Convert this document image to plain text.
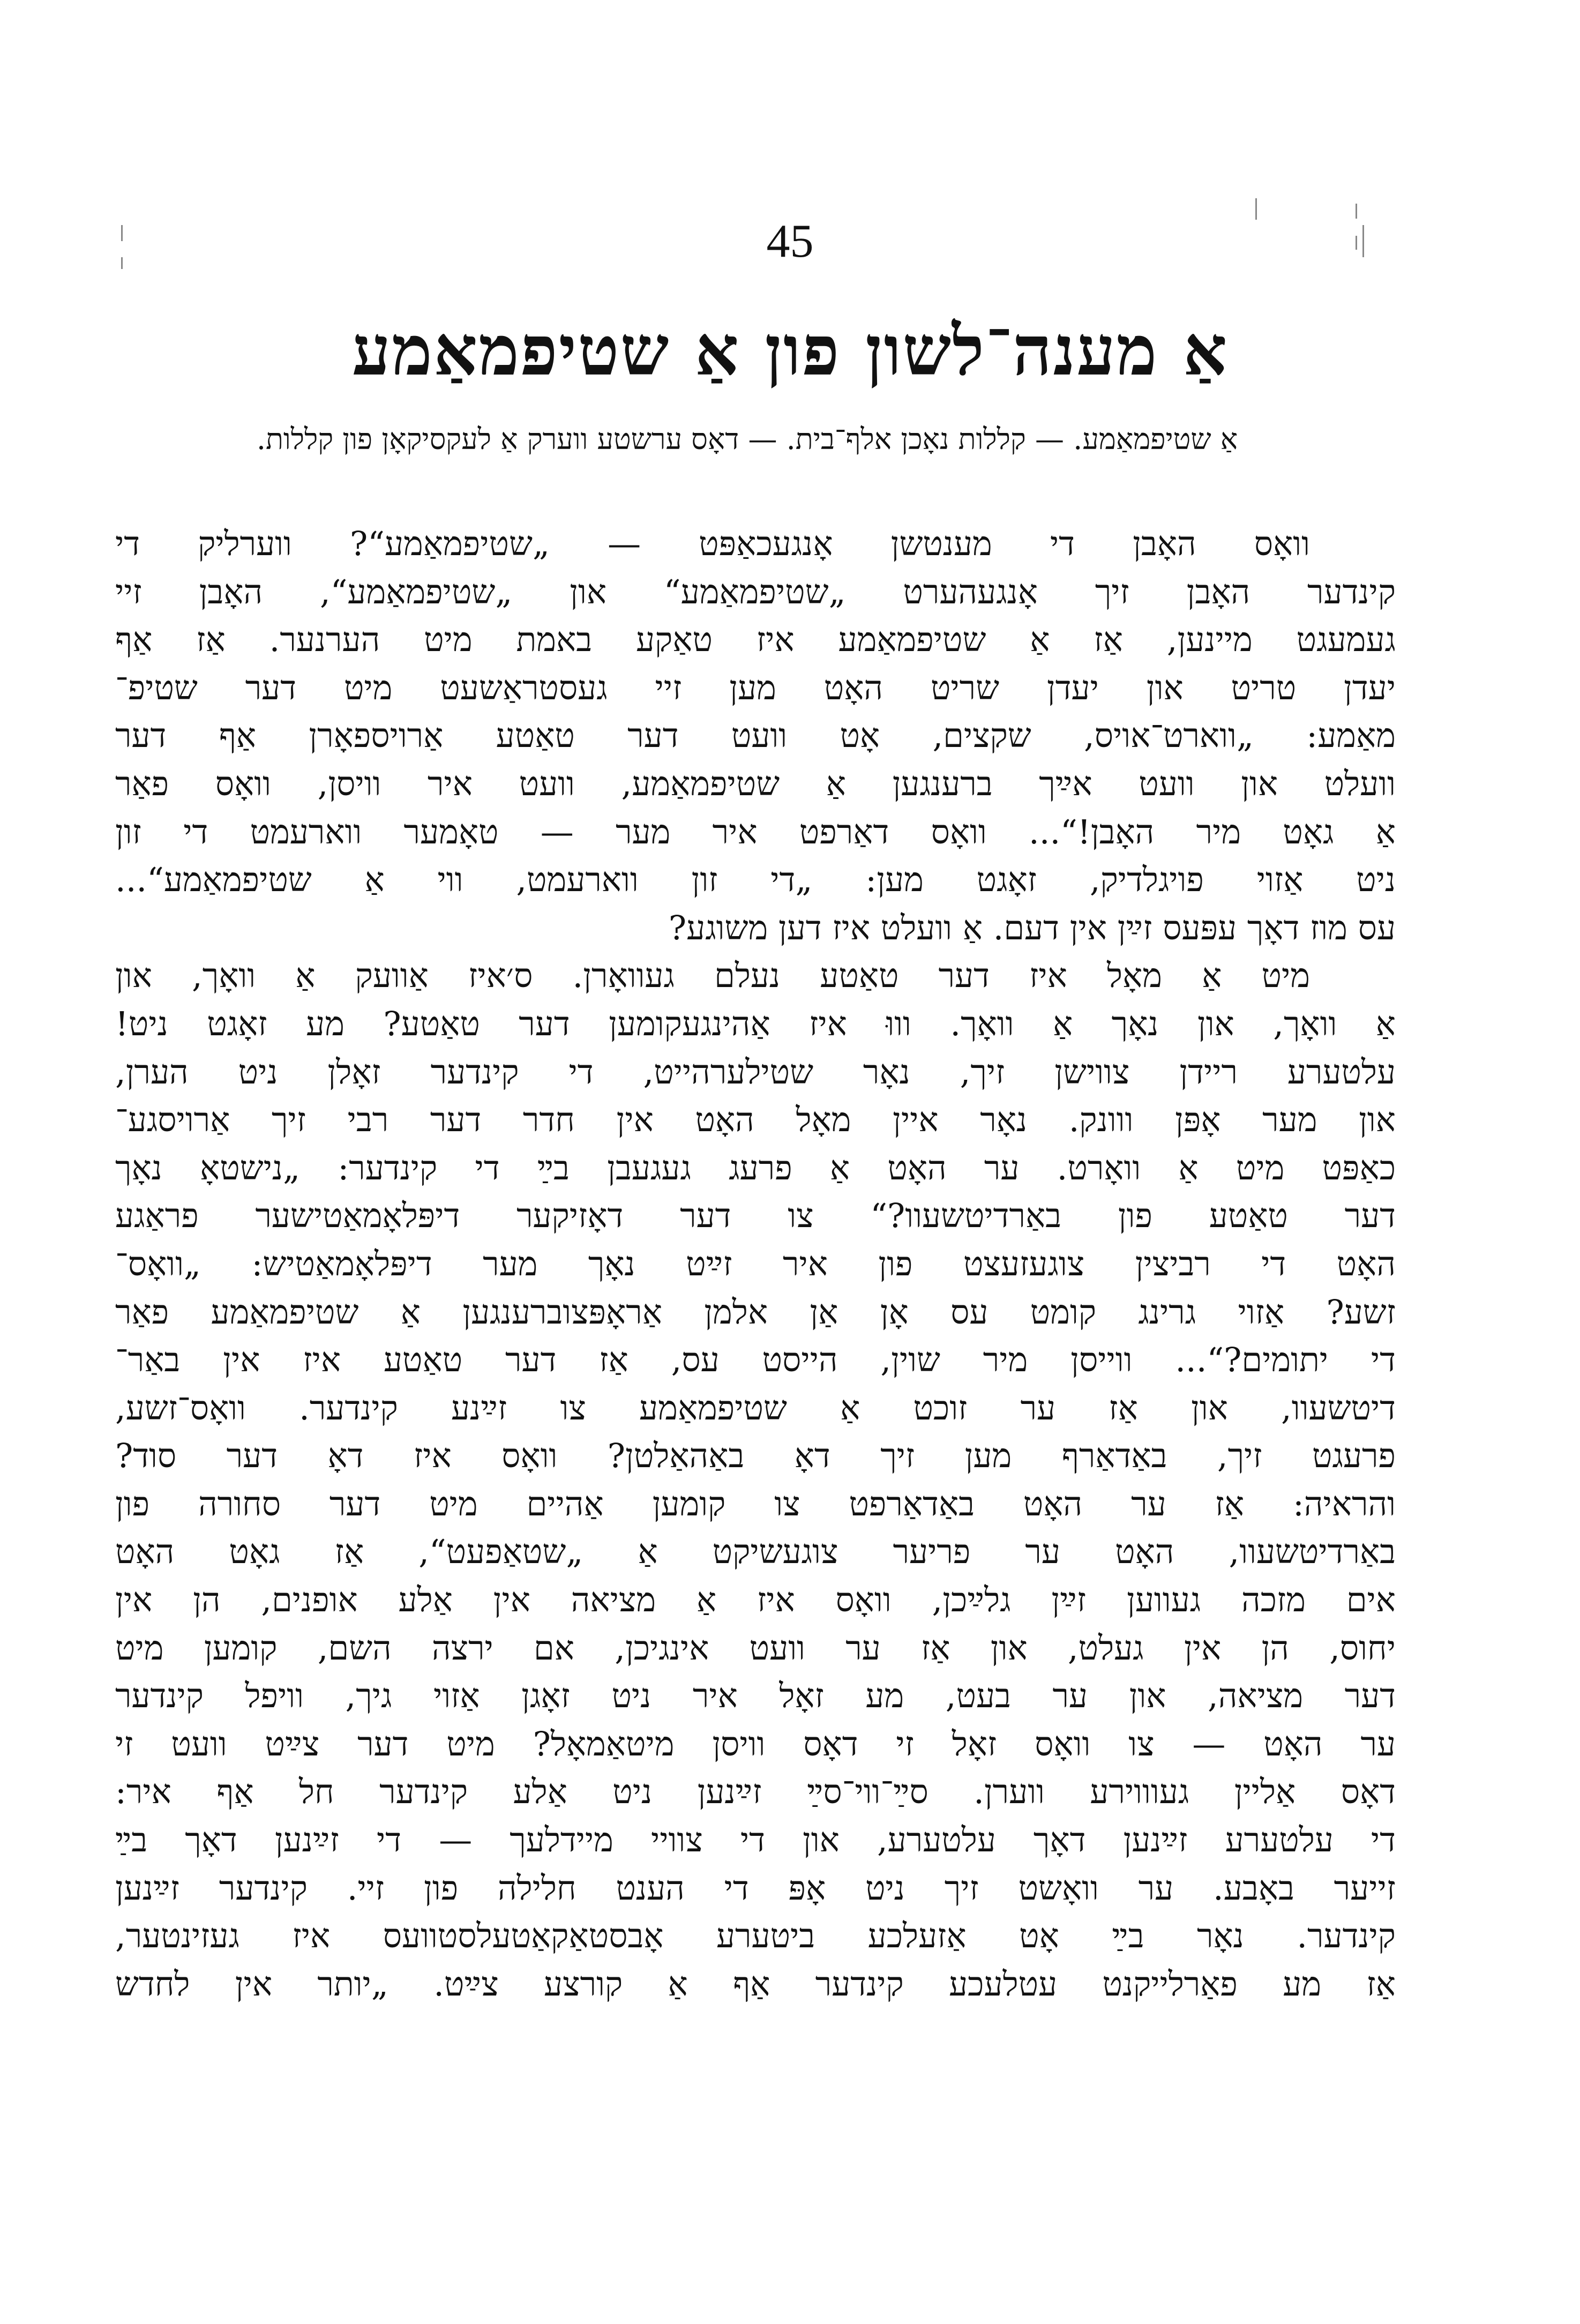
45
אַ מענה־לשון פון אַ שטיפמאַמע
אַ שטיפמאַמע. — קללות נאָכן אלף־בית. — דאָס ערשטע ווערק אַ לעקסיקאָן פון קללות.
וואָס האָבן די מענטשן אָנגעכאַפּט — „שטיפמאַמע“? ווערליק די
קינדער האָבן זיך אָנגעהערט „שטיפמאַמע“ און „שטיפמאַמע“, האָבן זיי
געמעגט מיינען, אַז אַ שטיפמאַמע איז טאַקע באמת מיט הערנער. אַז אַף
יעדן טריט און יעדן שריט האָט מען זיי געסטראַשעט מיט דער שטיפ־
מאַמע: „ווארט־אויס, שקצים, אָט וועט דער טאַטע אַרויספאָרן אַף דער
וועלט און וועט אײַך ברענגען אַ שטיפמאַמע, וועט איר וויסן, וואָס פאַר
אַ גאָט מיר האָבן!“... וואָס דאַרפט איר מער — טאָמער ווארעמט די זון
ניט אַזוי פויגלדיק, זאָגט מען: „די זון ווארעמט, ווי אַ שטיפמאַמע“...
עס מוז דאָך עפּעס זײַן אין דעם. אַ וועלט איז דען משוגע?
מיט אַ מאָל איז דער טאַטע נעלם געוואָרן. ס׳איז אַוועק אַ וואָך, און
אַ וואָך, און נאָך אַ וואָך. וווּ איז אַהינגעקומען דער טאַטע? מע זאָגט ניט!
עלטערע ריידן צווישן זיך, נאָר שטילערהייט, די קינדער זאָלן ניט הערן,
און מער אָפּן ווונק. נאָר איין מאָל האָט אין חדר דער רבי זיך אַרויסגע־
כאַפּט מיט אַ וואָרט. ער האָט אַ פרעג געגעבן בײַ די קינדער: „נישטאָ נאָך
דער טאַטע פון באַרדיטשעוו?“ צו דער דאָזיקער דיפּלאָמאַטישער פראַגע
האָט די רביצין צוגעזעצט פון איר זײַט נאָך מער דיפּלאָמאַטיש: „וואָס־
זשע? אַזוי גרינג קומט עס אָן אַן אלמן אַראָפּצוברענגען אַ שטיפמאַמע פאַר
די יתומים?“... ווייסן מיר שוין, הייסט עס, אַז דער טאַטע איז אין באַר־
דיטשעוו, און אַז ער זוכט אַ שטיפמאַמע צו זײַנע קינדער. וואָס־זשע,
פרעגט זיך, באַדאַרף מען זיך דאָ באַהאַלטן? וואָס איז דאָ דער סוד?
והראיה: אַז ער האָט באַדאַרפט צו קומען אַהיים מיט דער סחורה פון
באַרדיטשעוו, האָט ער פריער צוגעשיקט אַ „שטאַפעט“, אַז גאָט האָט
אים מזכה געווען זײַן גלײַכן, וואָס איז אַ מציאה אין אַלע אופנים, הן אין
יחוס, הן אין געלט, און אַז ער וועט אינגיכן, אם ירצה השם, קומען מיט
דער מציאה, און ער בעט, מע זאָל איר ניט זאָגן אַזוי גיך, וויפל קינדער
ער האָט — צו וואָס זאָל זי דאָס וויסן מיטאַמאָל? מיט דער צײַט וועט זי
דאָס אַליין געוווירע ווערן. סײַ־ווי־סײַ זײַנען ניט אַלע קינדער חל אַף איר:
די עלטערע זײַנען דאָך עלטערע, און די צוויי מיידלעך — די זײַנען דאָך בײַ
זייער באָבע. ער וואָשט זיך ניט אָפּ די הענט חלילה פון זיי. קינדער זײַנען
קינדער. נאָר בײַ אָט אַזעלכע ביטערע אָבסטאַקאַטעלסטוועס איז געזינטער,
אַז מע פאַרלייקנט עטלעכע קינדער אַף אַ קורצע צײַט. „יותר אין לחדש
